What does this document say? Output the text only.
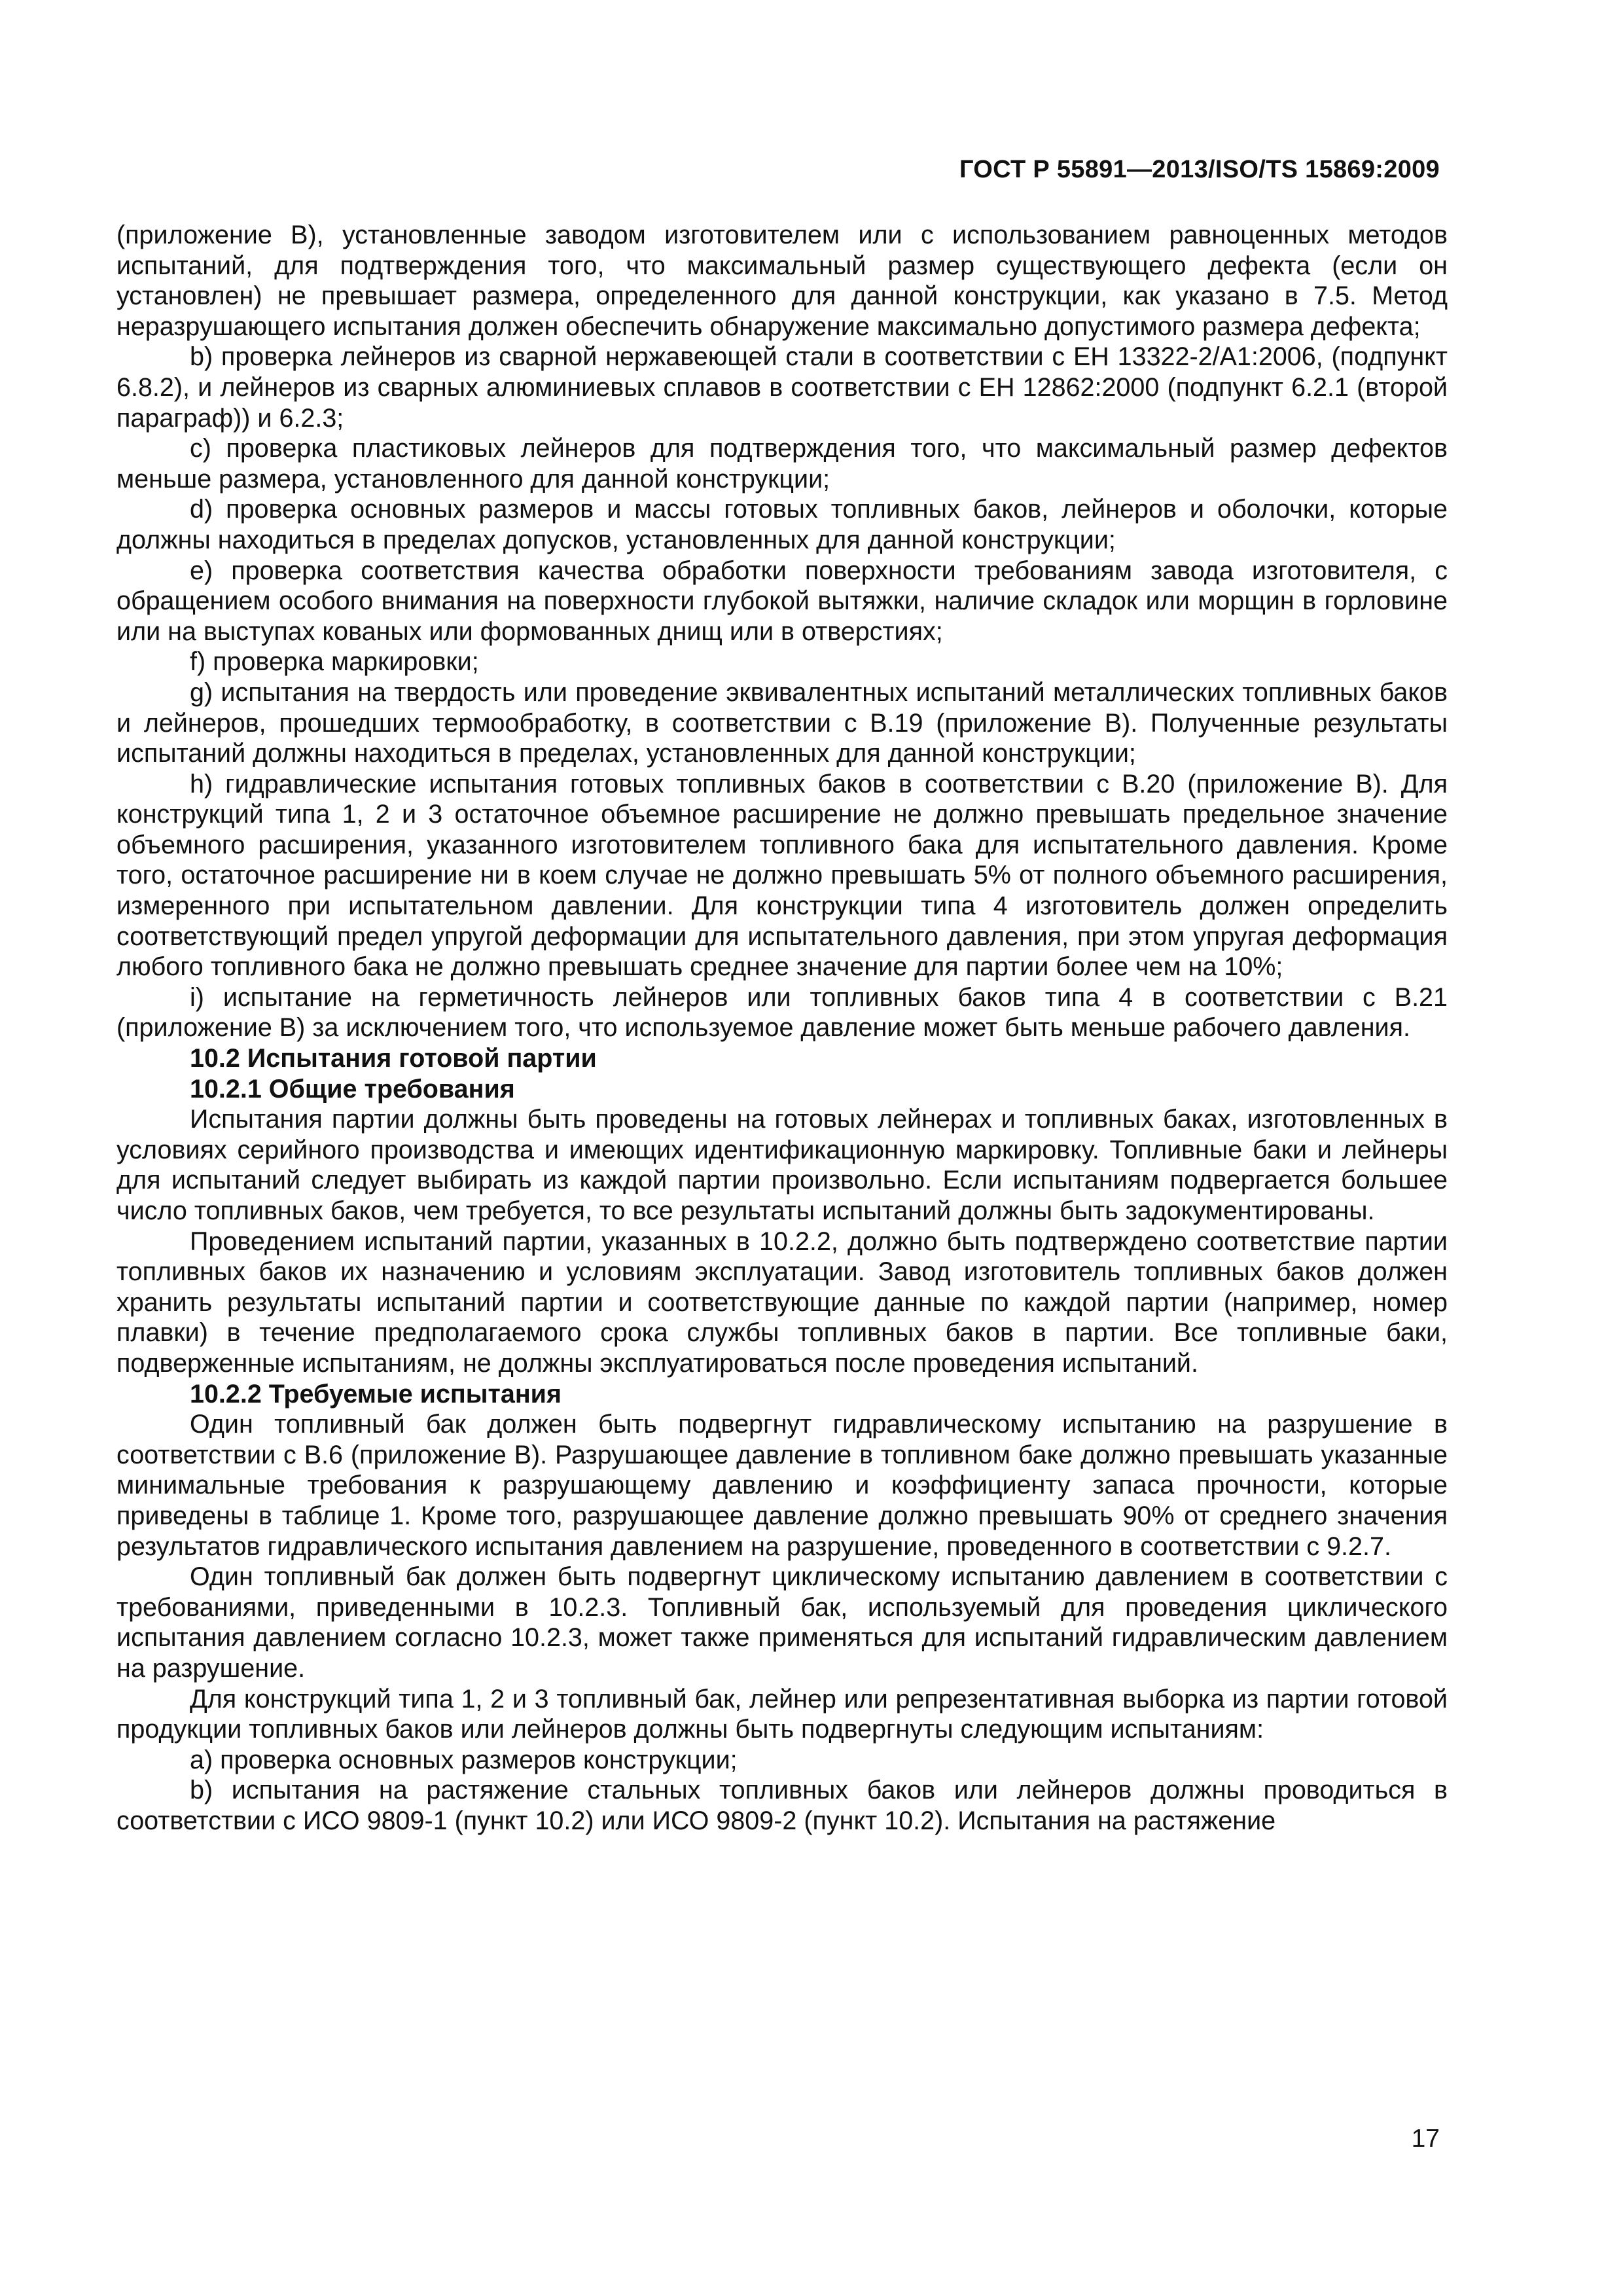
ГОСТ Р 55891—2013/ISO/TS 15869:2009

(приложение В), установленные заводом изготовителем или с использованием равноценных методов испытаний, для подтверждения того, что максимальный размер существующего дефекта (если он установлен) не превышает размера, определенного для данной конструкции, как указано в 7.5. Метод неразрушающего испытания должен обеспечить обнаружение максимально допустимого размера дефекта;

b) проверка лейнеров из сварной нержавеющей стали в соответствии с ЕН 13322-2/А1:2006, (подпункт 6.8.2), и лейнеров из сварных алюминиевых сплавов в соответствии с ЕН 12862:2000 (подпункт 6.2.1 (второй параграф)) и 6.2.3;

с) проверка пластиковых лейнеров для подтверждения того, что максимальный размер дефектов меньше размера, установленного для данной конструкции;

d) проверка основных размеров и массы готовых топливных баков, лейнеров и оболочки, которые должны находиться в пределах допусков, установленных для данной конструкции;

е) проверка соответствия качества обработки поверхности требованиям завода изготовителя, с обращением особого внимания на поверхности глубокой вытяжки, наличие складок или морщин в горловине или на выступах кованых или формованных днищ или в отверстиях;

f) проверка маркировки;

g) испытания на твердость или проведение эквивалентных испытаний металлических топливных баков и лейнеров, прошедших термообработку, в соответствии с В.19 (приложение В). Полученные результаты испытаний должны находиться в пределах, установленных для данной конструкции;

h) гидравлические испытания готовых топливных баков в соответствии с В.20 (приложение В). Для конструкций типа 1, 2 и 3 остаточное объемное расширение не должно превышать предельное значение объемного расширения, указанного изготовителем топливного бака для испытательного давления. Кроме того, остаточное расширение ни в коем случае не должно превышать 5% от полного объемного расширения, измеренного при испытательном давлении. Для конструкции типа 4 изготовитель должен определить соответствующий предел упругой деформации для испытательного давления, при этом упругая деформация любого топливного бака не должно превышать среднее значение для партии более чем на 10%;

i) испытание на герметичность лейнеров или топливных баков типа 4 в соответствии с В.21 (приложение В) за исключением того, что используемое давление может быть меньше рабочего давления.

10.2 Испытания готовой партии

10.2.1 Общие требования

Испытания партии должны быть проведены на готовых лейнерах и топливных баках, изготовленных в условиях серийного производства и имеющих идентификационную маркировку. Топливные баки и лейнеры для испытаний следует выбирать из каждой партии произвольно. Если испытаниям подвергается большее число топливных баков, чем требуется, то все результаты испытаний должны быть задокументированы.

Проведением испытаний партии, указанных в 10.2.2, должно быть подтверждено соответствие партии топливных баков их назначению и условиям эксплуатации. Завод изготовитель топливных баков должен хранить результаты испытаний партии и соответствующие данные по каждой партии (например, номер плавки) в течение предполагаемого срока службы топливных баков в партии. Все топливные баки, подверженные испытаниям, не должны эксплуатироваться после проведения испытаний.

10.2.2 Требуемые испытания

Один топливный бак должен быть подвергнут гидравлическому испытанию на разрушение в соответствии с В.6 (приложение В). Разрушающее давление в топливном баке должно превышать указанные минимальные требования к разрушающему давлению и коэффициенту запаса прочности, которые приведены в таблице 1. Кроме того, разрушающее давление должно превышать 90% от среднего значения результатов гидравлического испытания давлением на разрушение, проведенного в соответствии с 9.2.7.

Один топливный бак должен быть подвергнут циклическому испытанию давлением в соответствии с требованиями, приведенными в 10.2.3. Топливный бак, используемый для проведения циклического испытания давлением согласно 10.2.3, может также применяться для испытаний гидравлическим давлением на разрушение.

Для конструкций типа 1, 2 и 3 топливный бак, лейнер или репрезентативная выборка из партии готовой продукции топливных баков или лейнеров должны быть подвергнуты следующим испытаниям:

а) проверка основных размеров конструкции;

b) испытания на растяжение стальных топливных баков или лейнеров должны проводиться в соответствии с ИСО 9809-1 (пункт 10.2) или ИСО 9809-2 (пункт 10.2). Испытания на растяжение

17
